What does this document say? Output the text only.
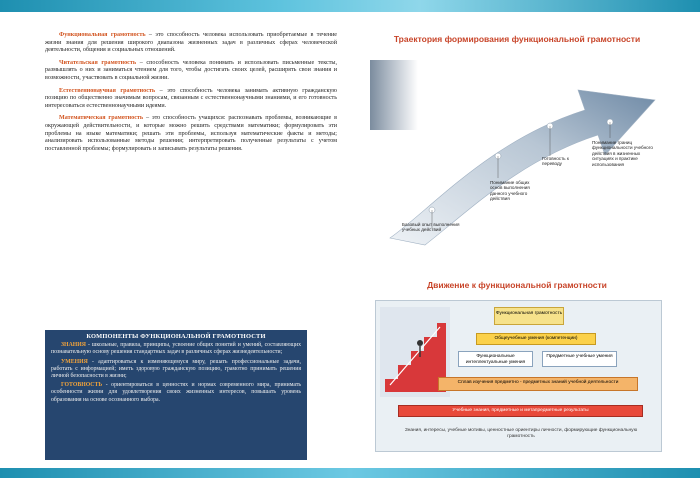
Функциональная грамотность – это способность человека использовать приобретаемые в течение жизни знания для решения широкого диапазона жизненных задач в различных сферах человеческой деятельности, общения и социальных отношений.

Читательская грамотность – способность человека понимать и использовать письменные тексты, размышлять о них и заниматься чтением для того, чтобы достигать своих целей, расширять свои знания и возможности, участвовать в социальной жизни.

Естественнонаучная грамотность – это способность человека занимать активную гражданскую позицию по общественно значимым вопросам, связанным с естественнонаучными знаниями, и его готовность интересоваться естественнонаучными идеями.

Математическая грамотность – это способность учащихся: распознавать проблемы, возникающие в окружающей действительности, и которые можно решить средствами математики; формулировать эти проблемы на языке математики; решать эти проблемы, используя математические факты и методы; анализировать использованные методы решения; интерпретировать полученные результаты с учетом поставленной проблемы; формулировать и записывать результаты решения.

КОМПОНЕНТЫ ФУНКЦИОНАЛЬНОЙ ГРАМОТНОСТИ
ЗНАНИЯ - школьные, правила, принципы, усвоение общих понятий и умений, составляющих познавательную основу решения стандартных задач в различных сферах жизнедеятельности;
УМЕНИЯ - адаптироваться к изменяющемуся миру, решать профессиональные задачи, работать с информацией; иметь здоровую гражданскую позицию, грамотно принимать решения личной безопасности в жизни;
ГОТОВНОСТЬ - ориентироваться в ценностях и нормах современного мира, принимать особенности жизни для удовлетворения своих жизненных интересов, повышать уровень образования на основе осознанного выбора.
Траектория формирования функциональной грамотности
Базовый опыт выполнения учебных действий
Понимание общих основ выполнения данного учебного действия
Готовность к переводу
Понимание границ функциональности учебного действия в жизненных ситуациях и практике использования
Движение к функциональной грамотности
Функциональная грамотность
Общеучебные умения (компетенции)
Функциональные интеллектуальные умения
Предметные учебные умения
Сплав изучения предметно - предметных знаний учебной деятельности
Учебные знания, предметные и метапредметные результаты
Знания, интересы, учебные мотивы, ценностные ориентиры личности, формирующие функциональную грамотность
